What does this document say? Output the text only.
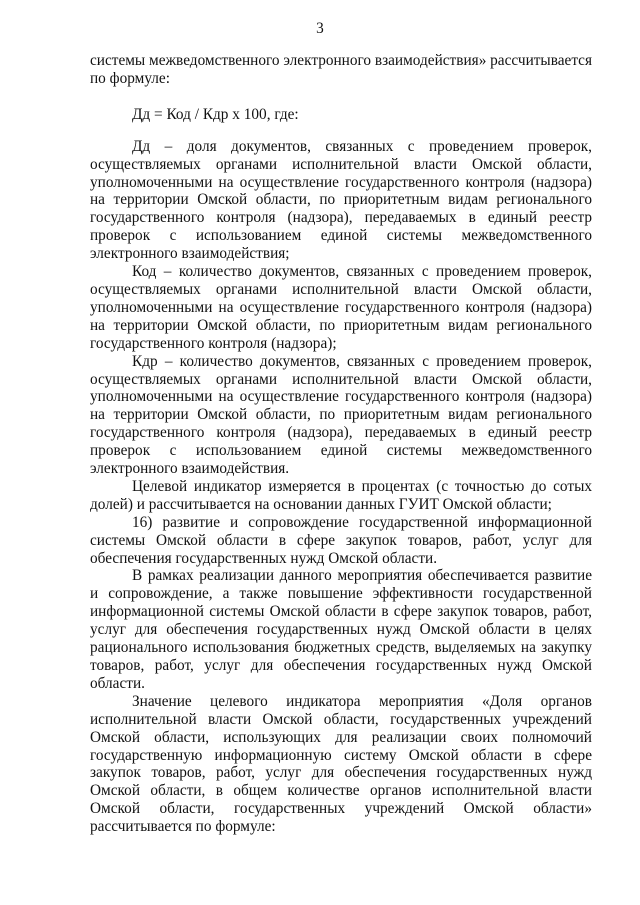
3

системы межведомственного электронного взаимодействия» рассчитывается по формуле:

Дд = Код / Кдр х 100, где:

Дд – доля документов, связанных с проведением проверок, осуществляемых органами исполнительной власти Омской области, уполномоченными на осуществление государственного контроля (надзора) на территории Омской области, по приоритетным видам регионального государственного контроля (надзора), передаваемых в единый реестр проверок с использованием единой системы межведомственного электронного взаимодействия;

Код – количество документов, связанных с проведением проверок, осуществляемых органами исполнительной власти Омской области, уполномоченными на осуществление государственного контроля (надзора) на территории Омской области, по приоритетным видам регионального государственного контроля (надзора);

Кдр – количество документов, связанных с проведением проверок, осуществляемых органами исполнительной власти Омской области, уполномоченными на осуществление государственного контроля (надзора) на территории Омской области, по приоритетным видам регионального государственного контроля (надзора), передаваемых в единый реестр проверок с использованием единой системы межведомственного электронного взаимодействия.

Целевой индикатор измеряется в процентах (с точностью до сотых долей) и рассчитывается на основании данных ГУИТ Омской области;

16) развитие и сопровождение государственной информационной системы Омской области в сфере закупок товаров, работ, услуг для обеспечения государственных нужд Омской области.

В рамках реализации данного мероприятия обеспечивается развитие и сопровождение, а также повышение эффективности государственной информационной системы Омской области в сфере закупок товаров, работ, услуг для обеспечения государственных нужд Омской области в целях рационального использования бюджетных средств, выделяемых на закупку товаров, работ, услуг для обеспечения государственных нужд Омской области.

Значение целевого индикатора мероприятия «Доля органов исполнительной власти Омской области, государственных учреждений Омской области, использующих для реализации своих полномочий государственную информационную систему Омской области в сфере закупок товаров, работ, услуг для обеспечения государственных нужд Омской области, в общем количестве органов исполнительной власти Омской области, государственных учреждений Омской области» рассчитывается по формуле:
